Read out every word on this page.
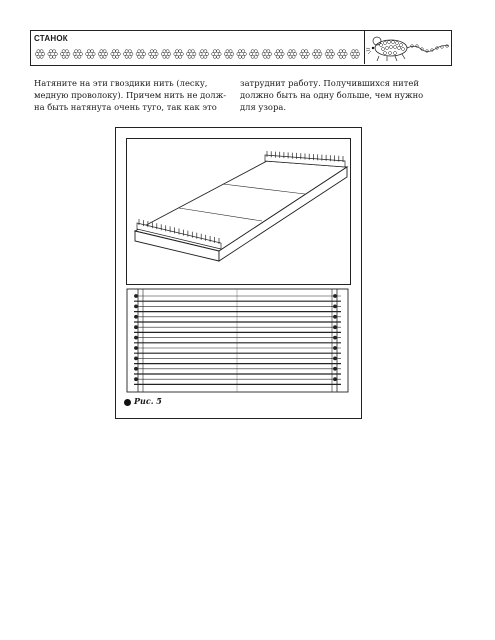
СТАНОК
Натяните на эти гвоздики нить (леску,
медную проволоку). Причем нить не долж-
на быть натянута очень туго, так как это
затруднит работу. Получившихся нитей
должно быть на одну больше, чем нужно
для узора.
Рис. 5
